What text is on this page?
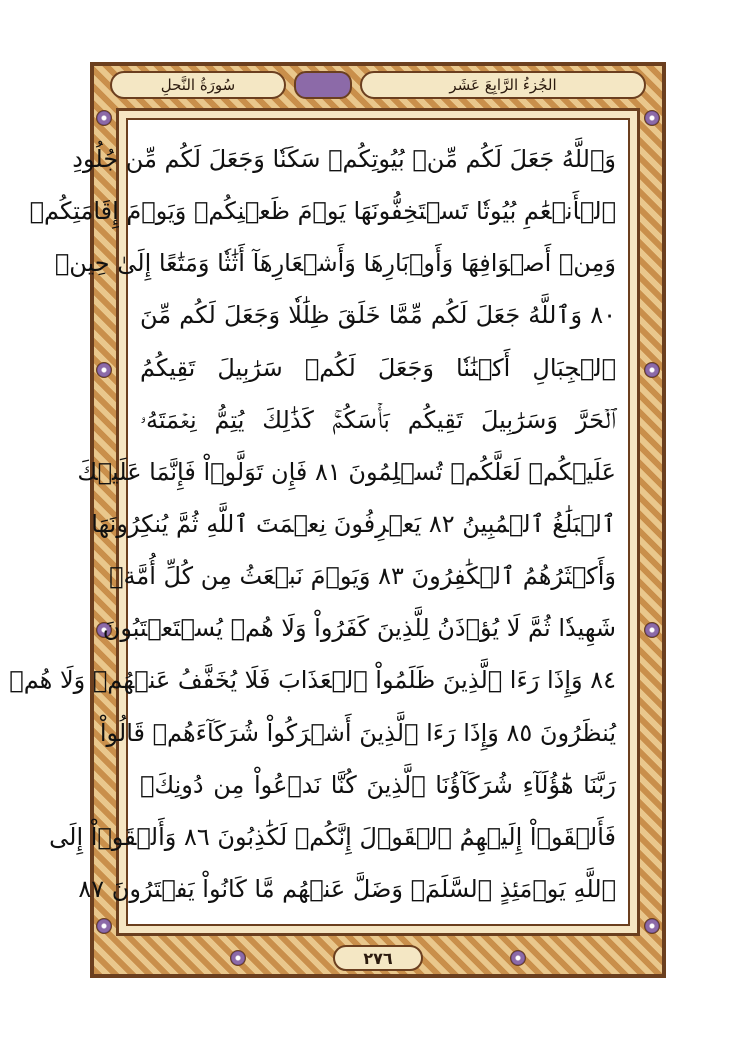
سُورَةُ النَّحلِ	الجُزءُ الرَّابِعَ عَشَر
وَٱللَّهُ جَعَلَ لَكُم مِّنۢ بُيُوتِكُمۡ سَكَنٗا وَجَعَلَ لَكُم مِّن جُلُودِ
ٱلۡأَنۡعَٰمِ بُيُوتٗا تَسۡتَخِفُّونَهَا يَوۡمَ ظَعۡنِكُمۡ وَيَوۡمَ إِقَامَتِكُمۡ
وَمِنۡ أَصۡوَافِهَا وَأَوۡبَارِهَا وَأَشۡعَارِهَآ أَثَٰثٗا وَمَتَٰعًا إِلَىٰ حِينٖ
٨٠ وَٱللَّهُ جَعَلَ لَكُم مِّمَّا خَلَقَ ظِلَٰلٗا وَجَعَلَ لَكُم مِّنَ
ٱلۡجِبَالِ أَكۡنَٰنٗا وَجَعَلَ لَكُمۡ سَرَٰبِيلَ تَقِيكُمُ
ٱلۡحَرَّ وَسَرَٰبِيلَ تَقِيكُم بَأۡسَكُمۡۚ كَذَٰلِكَ يُتِمُّ نِعۡمَتَهُۥ
عَلَيۡكُمۡ لَعَلَّكُمۡ تُسۡلِمُونَ ٨١ فَإِن تَوَلَّوۡاْ فَإِنَّمَا عَلَيۡكَ
ٱلۡبَلَٰغُ ٱلۡمُبِينُ ٨٢ يَعۡرِفُونَ نِعۡمَتَ ٱللَّهِ ثُمَّ يُنكِرُونَهَا
وَأَكۡثَرُهُمُ ٱلۡكَٰفِرُونَ ٨٣ وَيَوۡمَ نَبۡعَثُ مِن كُلِّ أُمَّةٖ
شَهِيدٗا ثُمَّ لَا يُؤۡذَنُ لِلَّذِينَ كَفَرُواْ وَلَا هُمۡ يُسۡتَعۡتَبُونَ
٨٤ وَإِذَا رَءَا ٱلَّذِينَ ظَلَمُواْ ٱلۡعَذَابَ فَلَا يُخَفَّفُ عَنۡهُمۡ وَلَا هُمۡ
يُنظَرُونَ ٨٥ وَإِذَا رَءَا ٱلَّذِينَ أَشۡرَكُواْ شُرَكَآءَهُمۡ قَالُواْ
رَبَّنَا هَٰٓؤُلَآءِ شُرَكَآؤُنَا ٱلَّذِينَ كُنَّا نَدۡعُواْ مِن دُونِكَۖ
فَأَلۡقَوۡاْ إِلَيۡهِمُ ٱلۡقَوۡلَ إِنَّكُمۡ لَكَٰذِبُونَ ٨٦ وَأَلۡقَوۡاْ إِلَى
ٱللَّهِ يَوۡمَئِذٍ ٱلسَّلَمَۖ وَضَلَّ عَنۡهُم مَّا كَانُواْ يَفۡتَرُونَ ٨٧
٢٧٦
